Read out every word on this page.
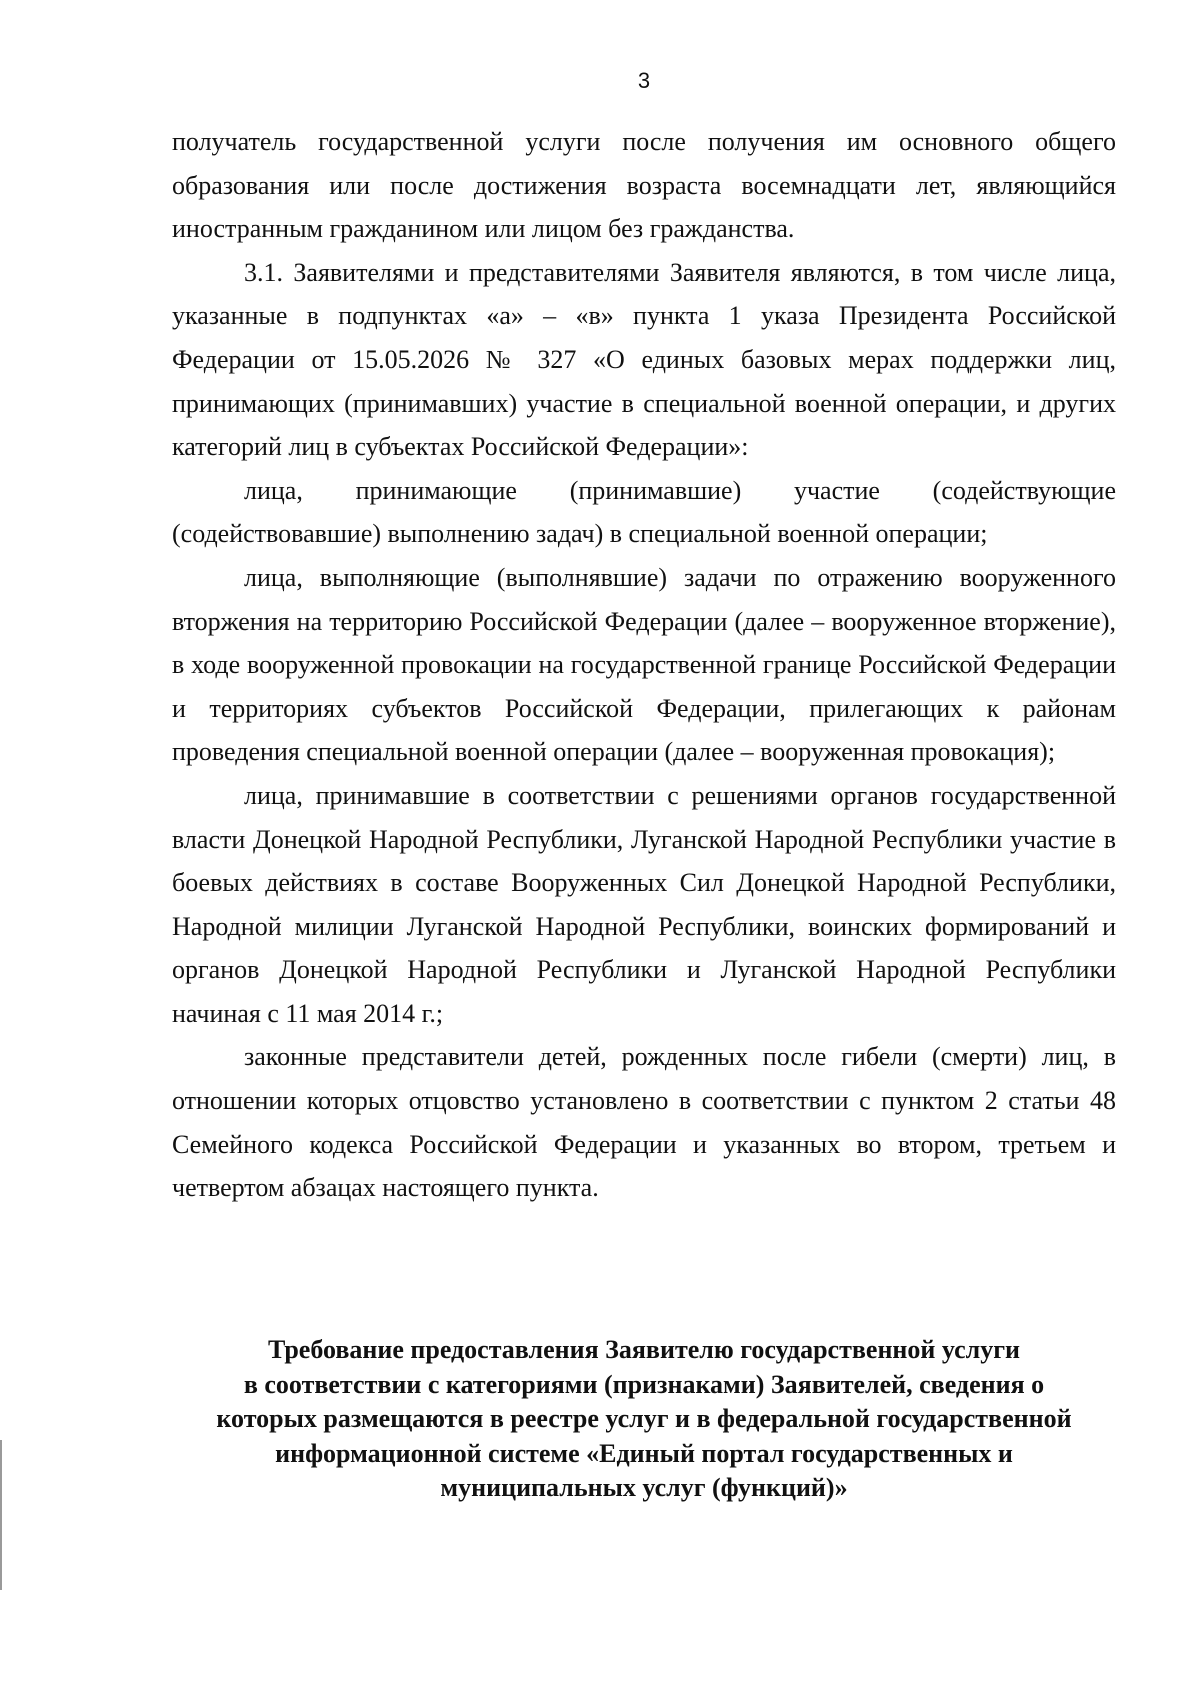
3

получатель государственной услуги после получения им основного общего образования или после достижения возраста восемнадцати лет, являющийся иностранным гражданином или лицом без гражданства.

3.1. Заявителями и представителями Заявителя являются, в том числе лица, указанные в подпунктах «а» – «в» пункта 1 указа Президента Российской Федерации от 15.05.2026 № 327 «О единых базовых мерах поддержки лиц, принимающих (принимавших) участие в специальной военной операции, и других категорий лиц в субъектах Российской Федерации»:

лица, принимающие (принимавшие) участие (содействующие (содействовавшие) выполнению задач) в специальной военной операции;

лица, выполняющие (выполнявшие) задачи по отражению вооруженного вторжения на территорию Российской Федерации (далее – вооруженное вторжение), в ходе вооруженной провокации на государственной границе Российской Федерации и территориях субъектов Российской Федерации, прилегающих к районам проведения специальной военной операции (далее – вооруженная провокация);

лица, принимавшие в соответствии с решениями органов государственной власти Донецкой Народной Республики, Луганской Народной Республики участие в боевых действиях в составе Вооруженных Сил Донецкой Народной Республики, Народной милиции Луганской Народной Республики, воинских формирований и органов Донецкой Народной Республики и Луганской Народной Республики начиная с 11 мая 2014 г.;

законные представители детей, рожденных после гибели (смерти) лиц, в отношении которых отцовство установлено в соответствии с пунктом 2 статьи 48 Семейного кодекса Российской Федерации и указанных во втором, третьем и четвертом абзацах настоящего пункта.

Требование предоставления Заявителю государственной услуги
в соответствии с категориями (признаками) Заявителей, сведения о
которых размещаются в реестре услуг и в федеральной государственной
информационной системе «Единый портал государственных и
муниципальных услуг (функций)»
